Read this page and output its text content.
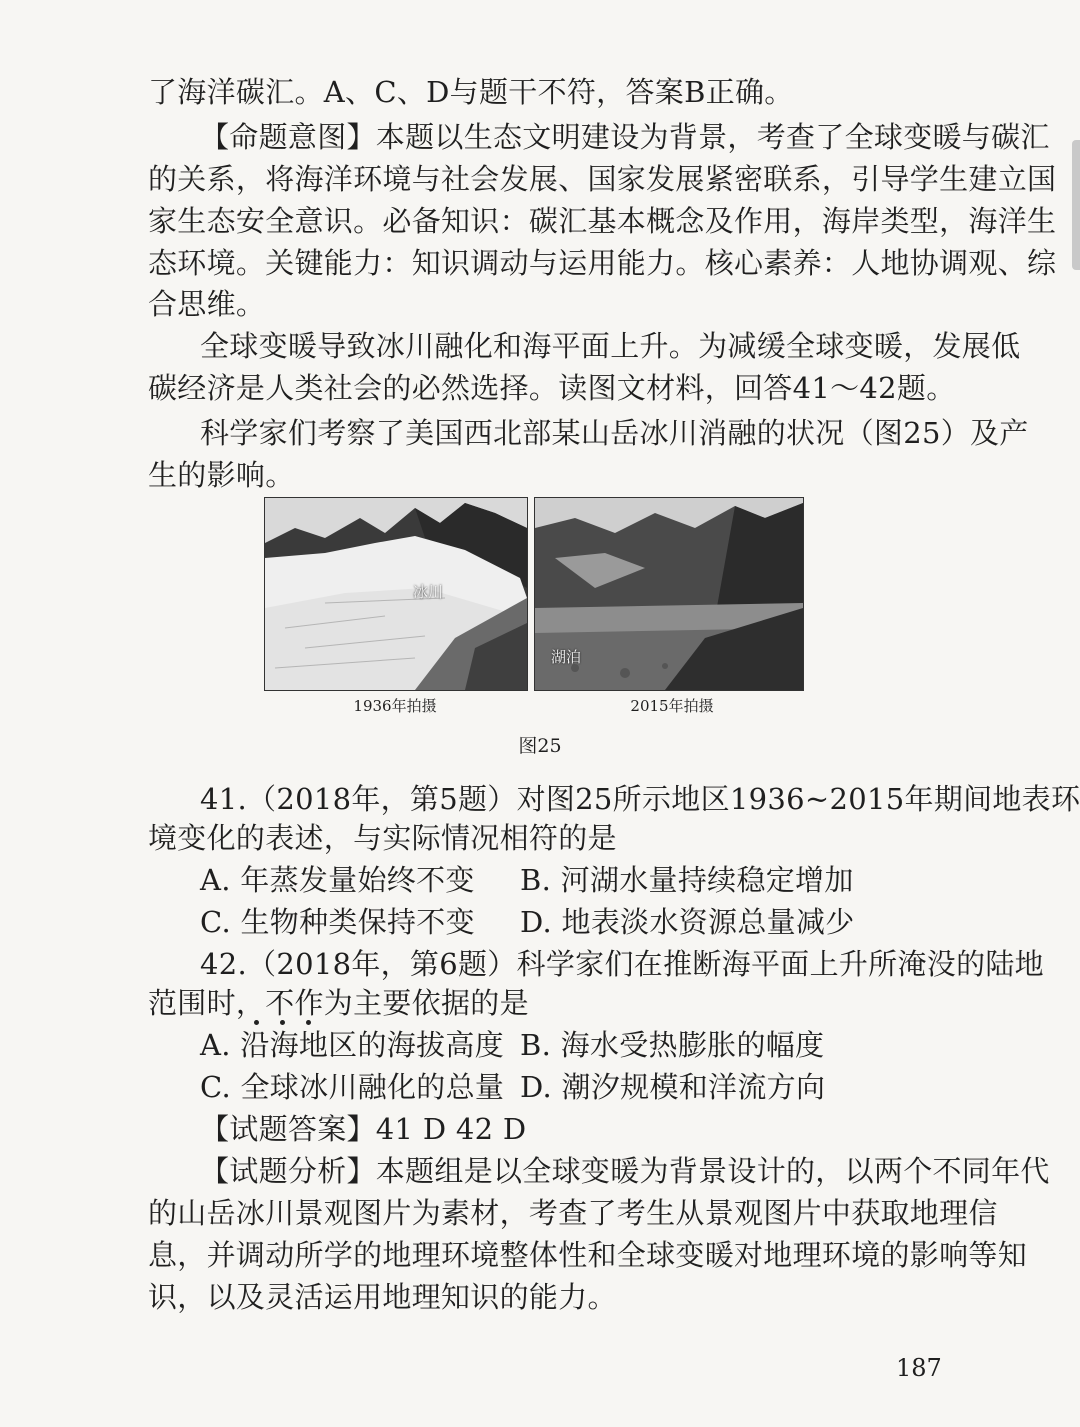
了海洋碳汇。A、C、D与题干不符，答案B正确。
【命题意图】本题以生态文明建设为背景，考查了全球变暖与碳汇
的关系，将海洋环境与社会发展、国家发展紧密联系，引导学生建立国
家生态安全意识。必备知识：碳汇基本概念及作用，海岸类型，海洋生
态环境。关键能力：知识调动与运用能力。核心素养：人地协调观、综
合思维。
全球变暖导致冰川融化和海平面上升。为减缓全球变暖，发展低
碳经济是人类社会的必然选择。读图文材料，回答41～42题。
科学家们考察了美国西北部某山岳冰川消融的状况（图25）及产
生的影响。
冰川
1936年拍摄
湖泊
2015年拍摄
图25
41.（2018年，第5题）对图25所示地区1936~2015年期间地表环
境变化的表述，与实际情况相符的是
A. 年蒸发量始终不变 B. 河湖水量持续稳定增加
C. 生物种类保持不变 D. 地表淡水资源总量减少
42.（2018年，第6题）科学家们在推断海平面上升所淹没的陆地
范围时，不作为主要依据的是
A. 沿海地区的海拔高度 B. 海水受热膨胀的幅度
C. 全球冰川融化的总量 D. 潮汐规模和洋流方向
【试题答案】41 D 42 D
【试题分析】本题组是以全球变暖为背景设计的，以两个不同年代
的山岳冰川景观图片为素材，考查了考生从景观图片中获取地理信
息，并调动所学的地理环境整体性和全球变暖对地理环境的影响等知
识，以及灵活运用地理知识的能力。
187
